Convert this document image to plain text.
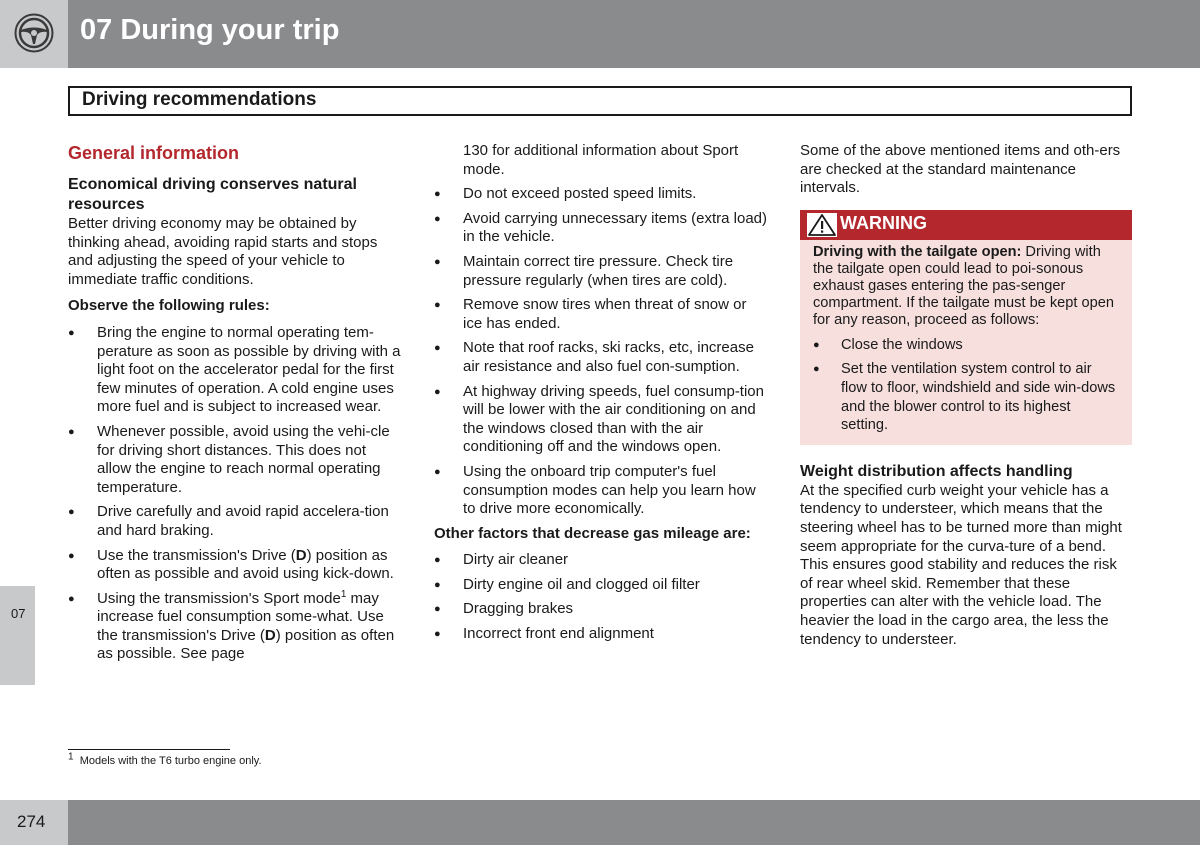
07 During your trip
Driving recommendations
07
General information
Economical driving conserves natural resources

Better driving economy may be obtained by thinking ahead, avoiding rapid starts and stops and adjusting the speed of your vehicle to immediate traffic conditions.

Observe the following rules:
● Bring the engine to normal operating tem-perature as soon as possible by driving with a light foot on the accelerator pedal for the first few minutes of operation. A cold engine uses more fuel and is subject to increased wear.
● Whenever possible, avoid using the vehi-cle for driving short distances. This does not allow the engine to reach normal operating temperature.
● Drive carefully and avoid rapid accelera-tion and hard braking.
● Use the transmission's Drive (D) position as often as possible and avoid using kick-down.
● Using the transmission's Sport mode$^1$ may increase fuel consumption some-what. Use the transmission's Drive (D) position as often as possible. See page
130 for additional information about Sport mode.
● Do not exceed posted speed limits.
● Avoid carrying unnecessary items (extra load) in the vehicle.
● Maintain correct tire pressure. Check tire pressure regularly (when tires are cold).
● Remove snow tires when threat of snow or ice has ended.
● Note that roof racks, ski racks, etc, increase air resistance and also fuel con-sumption.
● At highway driving speeds, fuel consump-tion will be lower with the air conditioning on and the windows closed than with the air conditioning off and the windows open.
● Using the onboard trip computer's fuel consumption modes can help you learn how to drive more economically.
Other factors that decrease gas mileage are:
● Dirty air cleaner
● Dirty engine oil and clogged oil filter
● Dragging brakes
● Incorrect front end alignment

Some of the above mentioned items and oth-ers are checked at the standard maintenance intervals.

WARNING
Driving with the tailgate open: Driving with the tailgate open could lead to poi-sonous exhaust gases entering the pas-senger compartment. If the tailgate must be kept open for any reason, proceed as follows:
● Close the windows
● Set the ventilation system control to air flow to floor, windshield and side win-dows and the blower control to its highest setting.
Weight distribution affects handling

At the specified curb weight your vehicle has a tendency to understeer, which means that the steering wheel has to be turned more than might seem appropriate for the curva-ture of a bend. This ensures good stability and reduces the risk of rear wheel skid. Remember that these properties can alter with the vehicle load. The heavier the load in the cargo area, the less the tendency to understeer.

$^1$ Models with the T6 turbo engine only.
274
